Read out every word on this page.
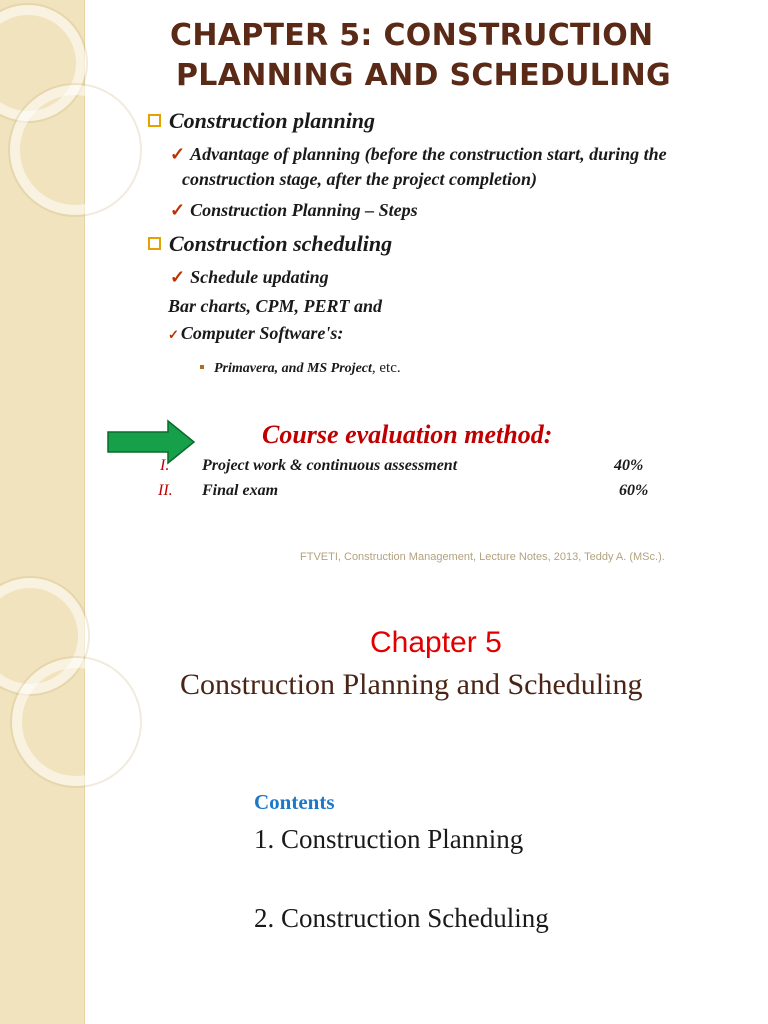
CHAPTER 5: CONSTRUCTION
PLANNING AND SCHEDULING
Construction planning
✓ Advantage of planning (before the construction start, during the
construction stage, after the project completion)
✓ Construction Planning – Steps
Construction scheduling
✓ Schedule updating
Bar charts, CPM, PERT and
✓ Computer Software's:
Primavera, and MS Project, etc.
Course evaluation method:
I. Project work & continuous assessment	40%
II. Final exam	60%
FTVETI, Construction Management, Lecture Notes, 2013, Teddy A. (MSc.).
Chapter 5
Construction Planning and Scheduling
Contents
1. Construction Planning
2. Construction Scheduling
